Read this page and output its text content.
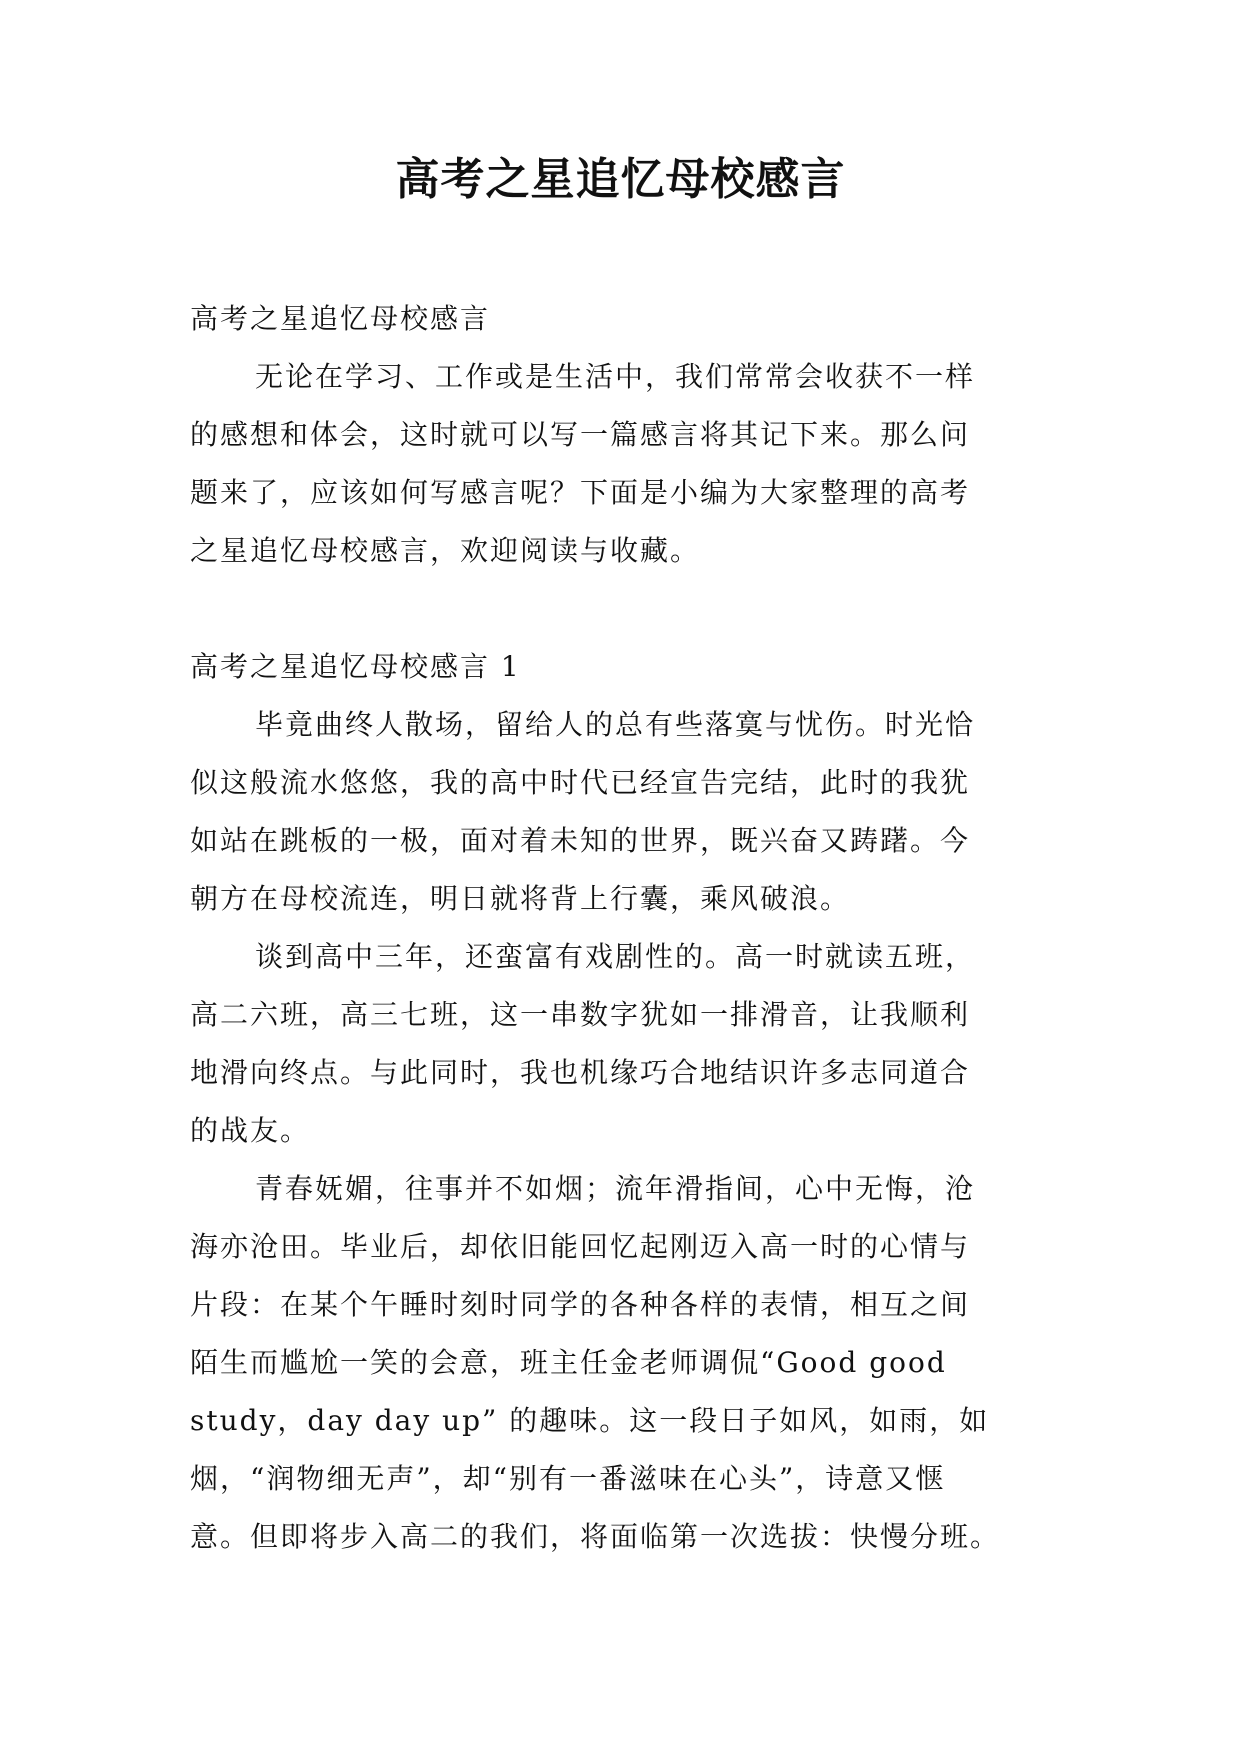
高考之星追忆母校感言

高考之星追忆母校感言

无论在学习、工作或是生活中，我们常常会收获不一样

的感想和体会，这时就可以写一篇感言将其记下来。那么问

题来了，应该如何写感言呢？下面是小编为大家整理的高考

之星追忆母校感言，欢迎阅读与收藏。

高考之星追忆母校感言 1

毕竟曲终人散场，留给人的总有些落寞与忧伤。时光恰

似这般流水悠悠，我的高中时代已经宣告完结，此时的我犹

如站在跳板的一极，面对着未知的世界，既兴奋又踌躇。今

朝方在母校流连，明日就将背上行囊，乘风破浪。

谈到高中三年，还蛮富有戏剧性的。高一时就读五班，

高二六班，高三七班，这一串数字犹如一排滑音，让我顺利

地滑向终点。与此同时，我也机缘巧合地结识许多志同道合

的战友。

青春妩媚，往事并不如烟；流年滑指间，心中无悔，沧

海亦沧田。毕业后，却依旧能回忆起刚迈入高一时的心情与

片段：在某个午睡时刻时同学的各种各样的表情，相互之间

陌生而尴尬一笑的会意，班主任金老师调侃“Good good

study，day day up” 的趣味。这一段日子如风，如雨，如

烟，“润物细无声”，却“别有一番滋味在心头”，诗意又惬

意。但即将步入高二的我们，将面临第一次选拔：快慢分班。
